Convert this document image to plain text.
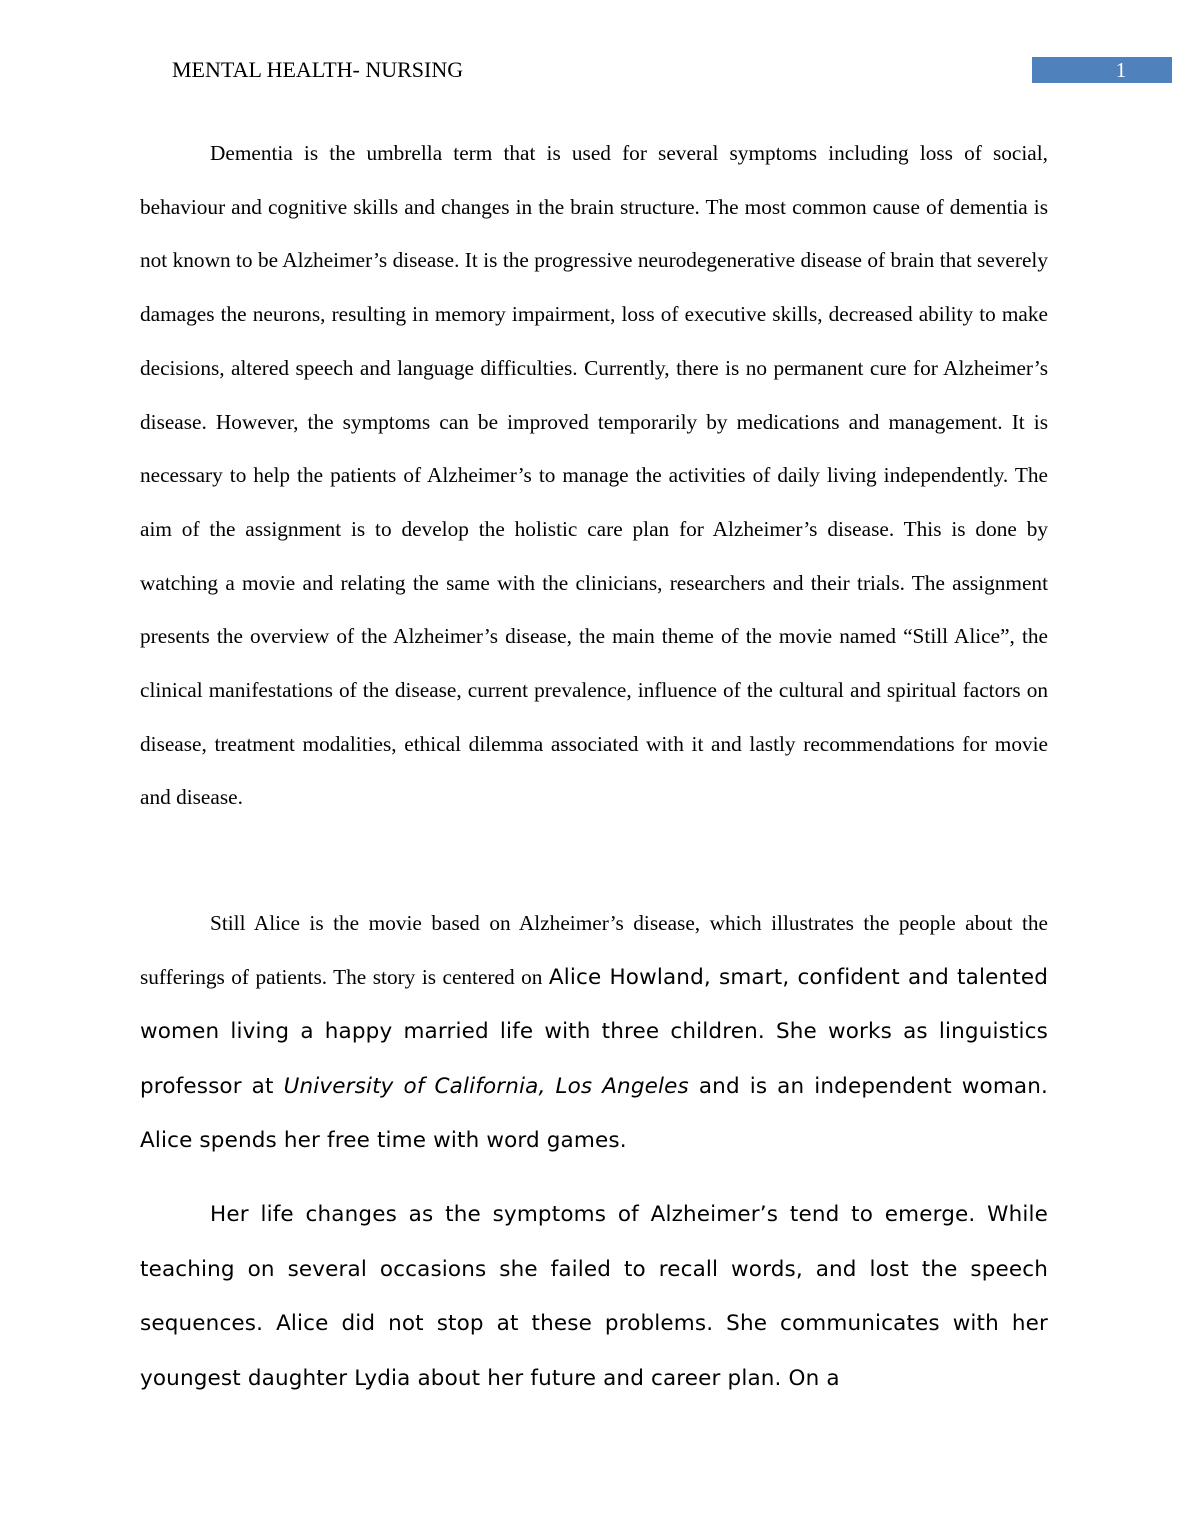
MENTAL HEALTH- NURSING	1

Dementia is the umbrella term that is used for several symptoms including loss of social, behaviour and cognitive skills and changes in the brain structure. The most common cause of dementia is not known to be Alzheimer’s disease. It is the progressive neurodegenerative disease of brain that severely damages the neurons, resulting in memory impairment, loss of executive skills, decreased ability to make decisions, altered speech and language difficulties. Currently, there is no permanent cure for Alzheimer’s disease. However, the symptoms can be improved temporarily by medications and management. It is necessary to help the patients of Alzheimer’s to manage the activities of daily living independently. The aim of the assignment is to develop the holistic care plan for Alzheimer’s disease. This is done by watching a movie and relating the same with the clinicians, researchers and their trials. The assignment presents the overview of the Alzheimer’s disease, the main theme of the movie named “Still Alice”, the clinical manifestations of the disease, current prevalence, influence of the cultural and spiritual factors on disease, treatment modalities, ethical dilemma associated with it and lastly recommendations for movie and disease.

Still Alice is the movie based on Alzheimer’s disease, which illustrates the people about the sufferings of patients. The story is centered on Alice Howland, smart, confident and talented women living a happy married life with three children. She works as linguistics professor at University of California, Los Angeles and is an independent woman. Alice spends her free time with word games.

Her life changes as the symptoms of Alzheimer’s tend to emerge. While teaching on several occasions she failed to recall words, and lost the speech sequences. Alice did not stop at these problems. She communicates with her youngest daughter Lydia about her future and career plan. On a
